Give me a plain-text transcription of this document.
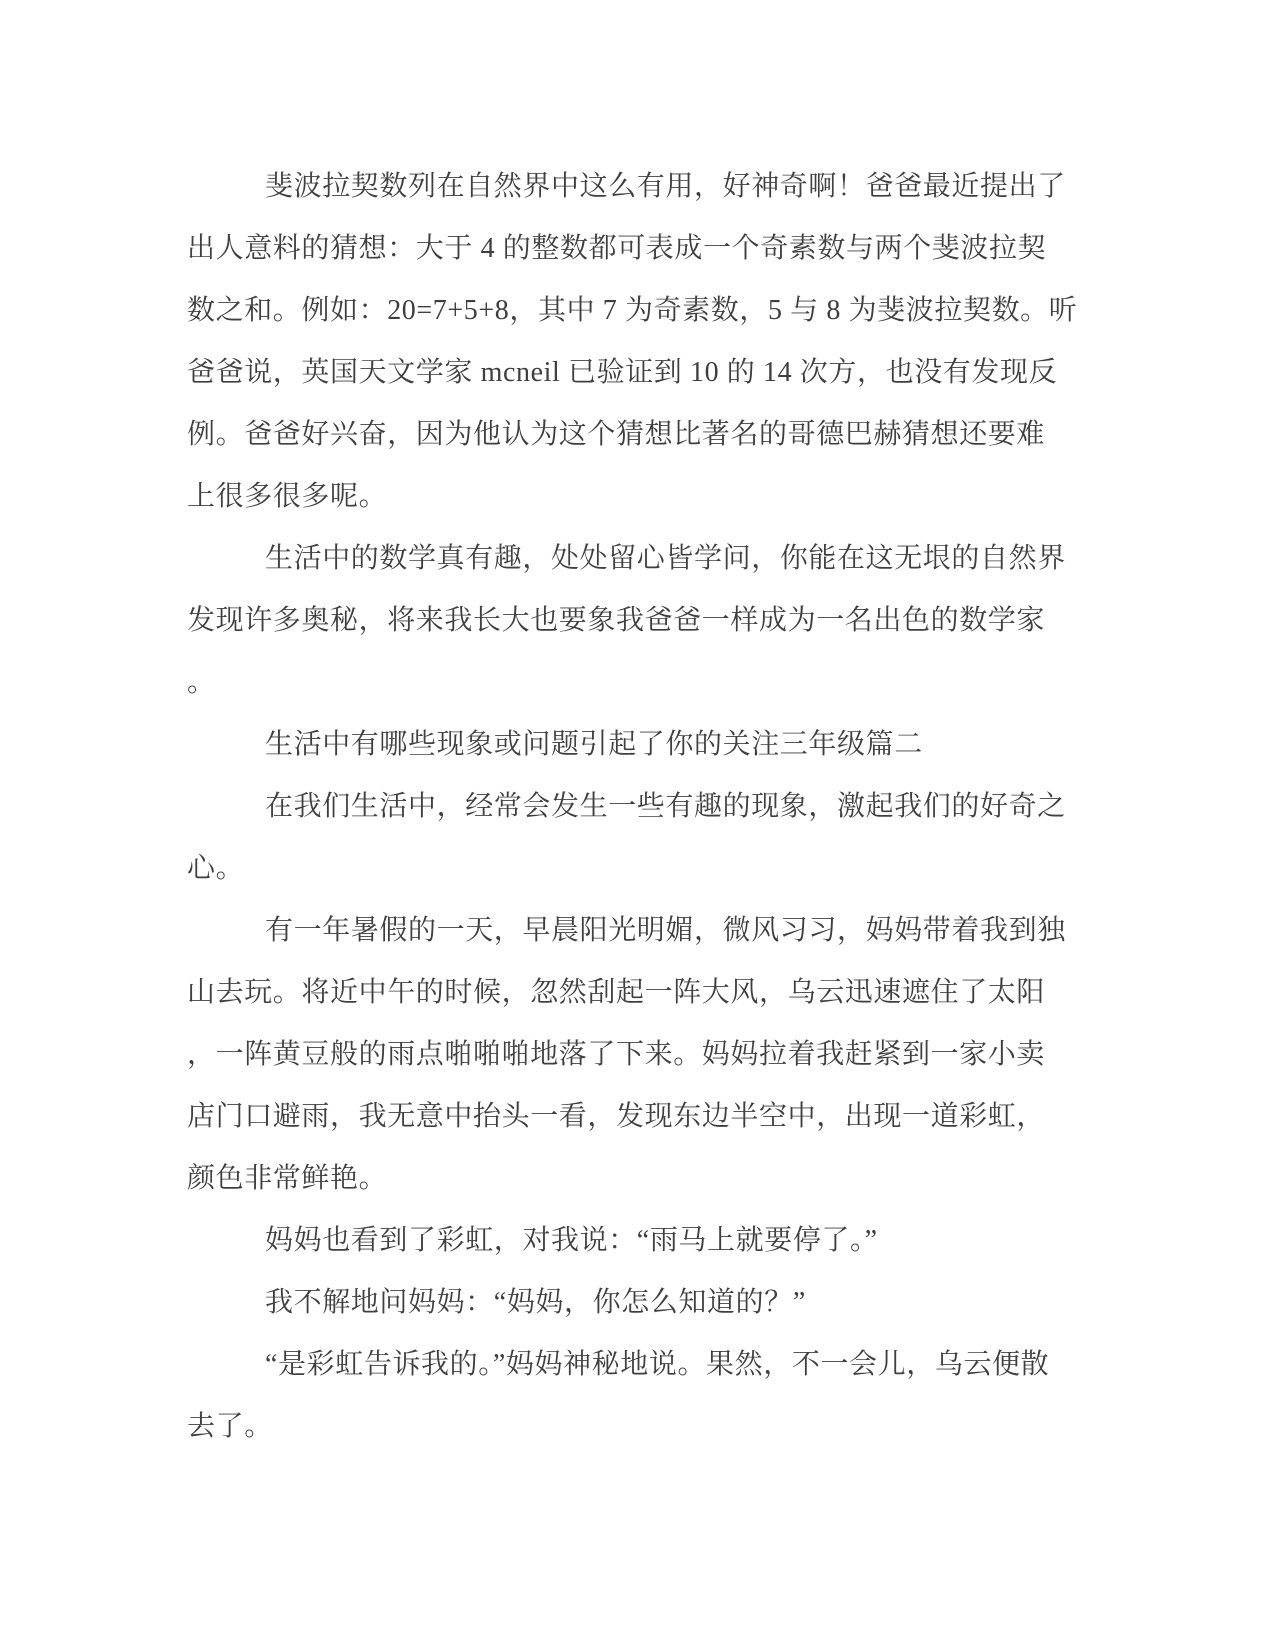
斐波拉契数列在自然界中这么有用，好神奇啊！爸爸最近提出了
出人意料的猜想：大于 4 的整数都可表成一个奇素数与两个斐波拉契
数之和。例如：20=7+5+8，其中 7 为奇素数，5 与 8 为斐波拉契数。听
爸爸说，英国天文学家 mcneil 已验证到 10 的 14 次方，也没有发现反
例。爸爸好兴奋，因为他认为这个猜想比著名的哥德巴赫猜想还要难
上很多很多呢。
生活中的数学真有趣，处处留心皆学问，你能在这无垠的自然界
发现许多奥秘，将来我长大也要象我爸爸一样成为一名出色的数学家
。
生活中有哪些现象或问题引起了你的关注三年级篇二
在我们生活中，经常会发生一些有趣的现象，激起我们的好奇之
心。
有一年暑假的一天，早晨阳光明媚，微风习习，妈妈带着我到独
山去玩。将近中午的时候，忽然刮起一阵大风，乌云迅速遮住了太阳
，一阵黄豆般的雨点啪啪啪地落了下来。妈妈拉着我赶紧到一家小卖
店门口避雨，我无意中抬头一看，发现东边半空中，出现一道彩虹，
颜色非常鲜艳。
妈妈也看到了彩虹，对我说：“雨马上就要停了。”
我不解地问妈妈：“妈妈，你怎么知道的？”
“是彩虹告诉我的。”妈妈神秘地说。果然，不一会儿，乌云便散
去了。
